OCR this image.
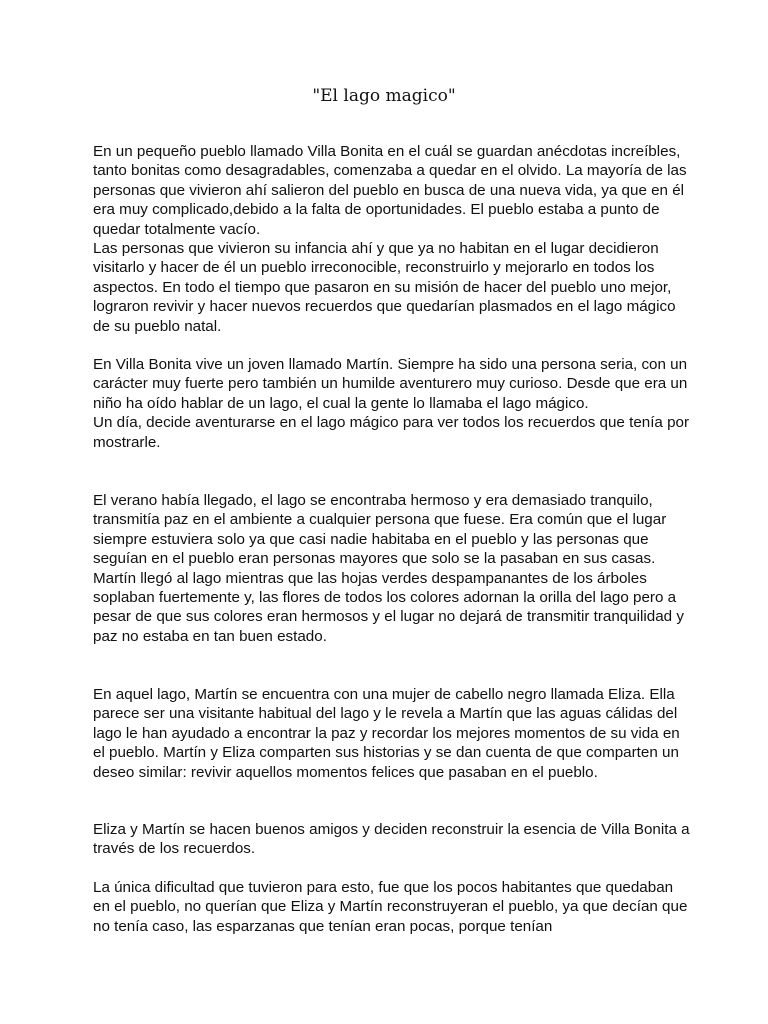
"El lago magico"

En un pequeño pueblo llamado Villa Bonita en el cuál se guardan anécdotas increíbles, tanto bonitas como desagradables, comenzaba a quedar en el olvido. La mayoría de las personas que vivieron ahí salieron del pueblo en busca de una nueva vida, ya que en él era muy complicado,debido a la falta de oportunidades. El pueblo estaba a punto de quedar totalmente vacío.
Las personas que vivieron su infancia ahí y que ya no habitan en el lugar decidieron visitarlo y hacer de él un pueblo irreconocible, reconstruirlo y mejorarlo en todos los aspectos. En todo el tiempo que pasaron en su misión de hacer del pueblo uno mejor, lograron revivir y hacer nuevos recuerdos que quedarían plasmados en el lago mágico de su pueblo natal.

En Villa Bonita vive un joven llamado Martín. Siempre ha sido una persona seria, con un carácter muy fuerte pero también un humilde aventurero muy curioso. Desde que era un niño ha oído hablar de un lago, el cual la gente lo llamaba el lago mágico.
Un día, decide aventurarse en el lago mágico para ver todos los recuerdos que tenía por mostrarle.

El verano había llegado, el lago se encontraba hermoso y era demasiado tranquilo, transmitía paz en el ambiente a cualquier persona que fuese. Era común que el lugar siempre estuviera solo ya que casi nadie habitaba en el pueblo y las personas que seguían en el pueblo eran personas mayores que solo se la pasaban en sus casas. Martín llegó al lago mientras que las hojas verdes despampanantes de los árboles soplaban fuertemente y, las flores de todos los colores adornan la orilla del lago pero a pesar de que sus colores eran hermosos y el lugar no dejará de transmitir tranquilidad y paz no estaba en tan buen estado.

En aquel lago, Martín se encuentra con una mujer de cabello negro llamada Eliza. Ella parece ser una visitante habitual del lago y le revela a Martín que las aguas cálidas del lago le han ayudado a encontrar la paz y recordar los mejores momentos de su vida en el pueblo. Martín y Eliza comparten sus historias y se dan cuenta de que comparten un deseo similar: revivir aquellos momentos felices que pasaban en el pueblo.

Eliza y Martín se hacen buenos amigos y deciden reconstruir la esencia de Villa Bonita a través de los recuerdos.

La única dificultad que tuvieron para esto, fue que los pocos habitantes que quedaban en el pueblo, no querían que Eliza y Martín reconstruyeran el pueblo, ya que decían que no tenía caso, las esparzanas que tenían eran pocas, porque tenían
